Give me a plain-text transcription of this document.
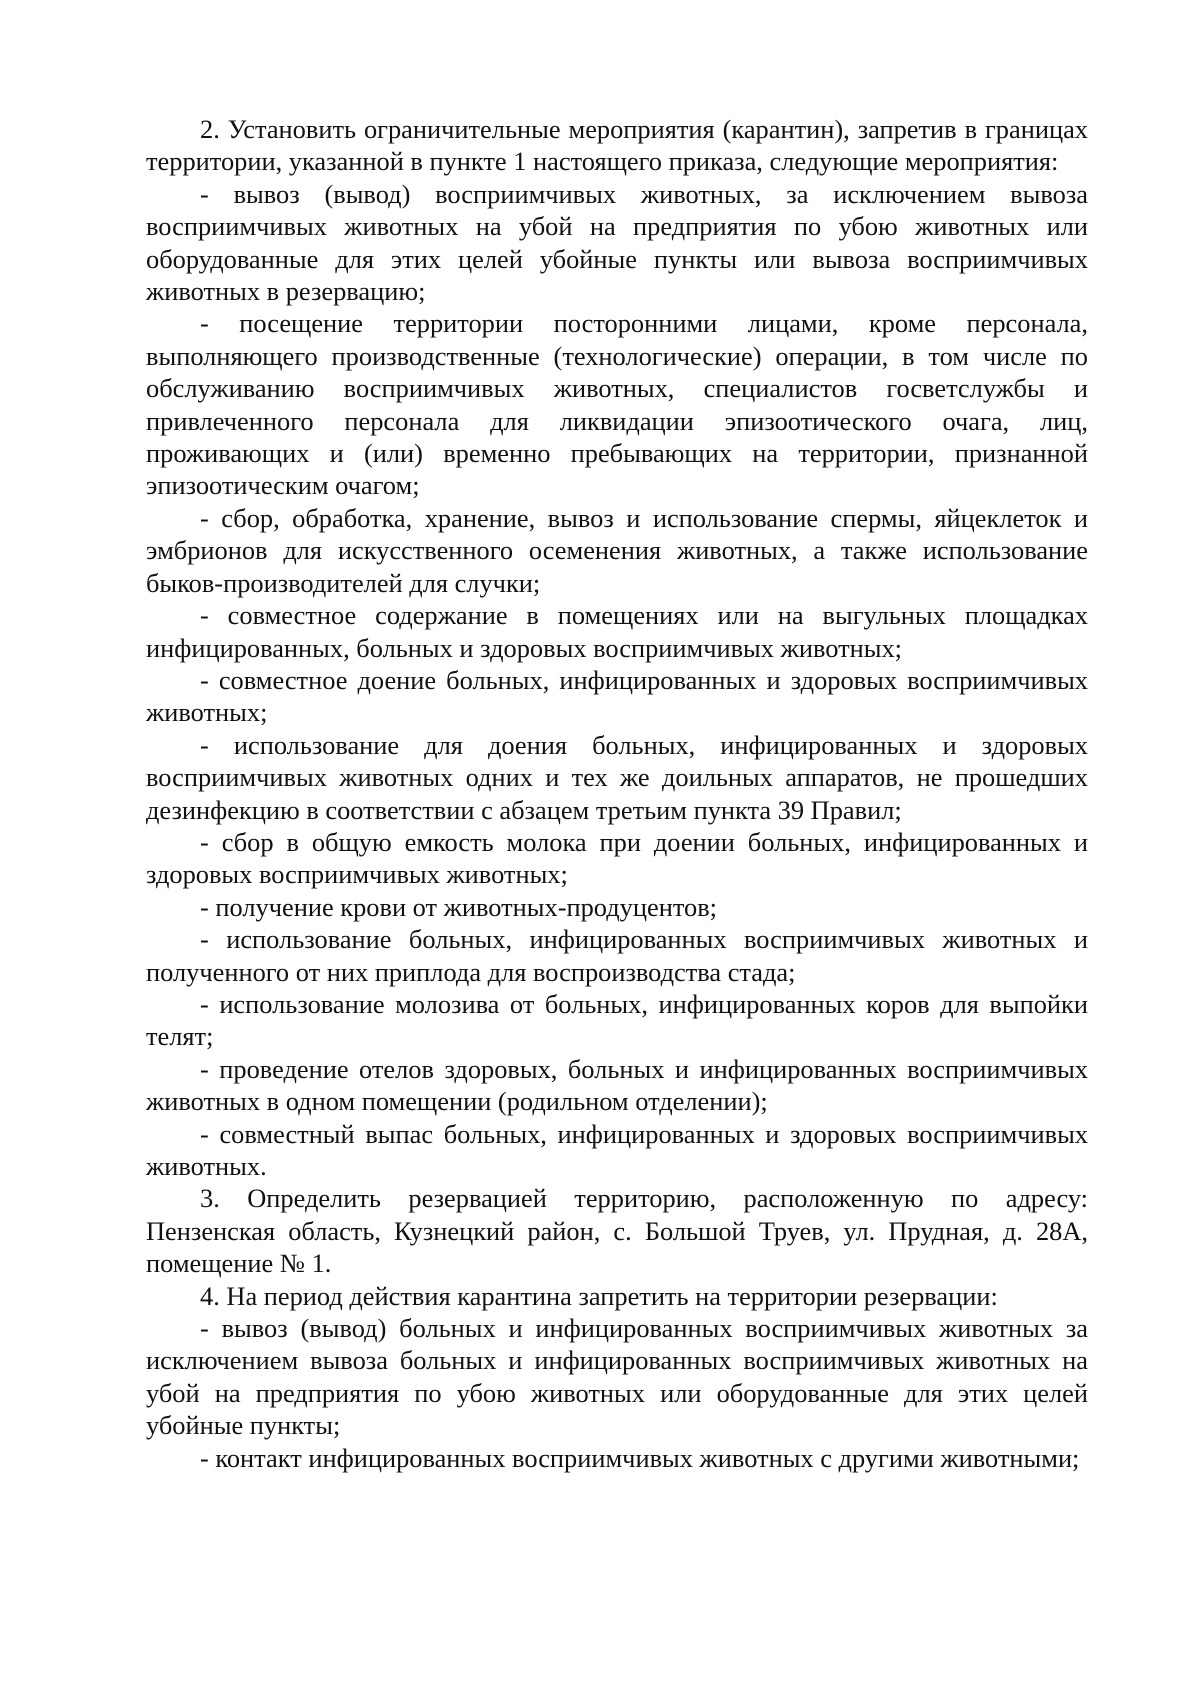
2. Установить ограничительные мероприятия (карантин), запретив в границах территории, указанной в пункте 1 настоящего приказа, следующие мероприятия:

- вывоз (вывод) восприимчивых животных, за исключением вывоза восприимчивых животных на убой на предприятия по убою животных или оборудованные для этих целей убойные пункты или вывоза восприимчивых животных в резервацию;

- посещение территории посторонними лицами, кроме персонала, выполняющего производственные (технологические) операции, в том числе по обслуживанию восприимчивых животных, специалистов госветслужбы и привлеченного персонала для ликвидации эпизоотического очага, лиц, проживающих и (или) временно пребывающих на территории, признанной эпизоотическим очагом;

- сбор, обработка, хранение, вывоз и использование спермы, яйцеклеток и эмбрионов для искусственного осеменения животных, а также использование быков-производителей для случки;

- совместное содержание в помещениях или на выгульных площадках инфицированных, больных и здоровых восприимчивых животных;

- совместное доение больных, инфицированных и здоровых восприимчивых животных;

- использование для доения больных, инфицированных и здоровых восприимчивых животных одних и тех же доильных аппаратов, не прошедших дезинфекцию в соответствии с абзацем третьим пункта 39 Правил;

- сбор в общую емкость молока при доении больных, инфицированных и здоровых восприимчивых животных;

- получение крови от животных-продуцентов;

- использование больных, инфицированных восприимчивых животных и полученного от них приплода для воспроизводства стада;

- использование молозива от больных, инфицированных коров для выпойки телят;

- проведение отелов здоровых, больных и инфицированных восприимчивых животных в одном помещении (родильном отделении);

- совместный выпас больных, инфицированных и здоровых восприимчивых животных.

3. Определить резервацией территорию, расположенную по адресу: Пензенская область, Кузнецкий район, с. Большой Труев, ул. Прудная, д. 28А, помещение № 1.

4. На период действия карантина запретить на территории резервации:

- вывоз (вывод) больных и инфицированных восприимчивых животных за исключением вывоза больных и инфицированных восприимчивых животных на убой на предприятия по убою животных или оборудованные для этих целей убойные пункты;

- контакт инфицированных восприимчивых животных с другими животными;
